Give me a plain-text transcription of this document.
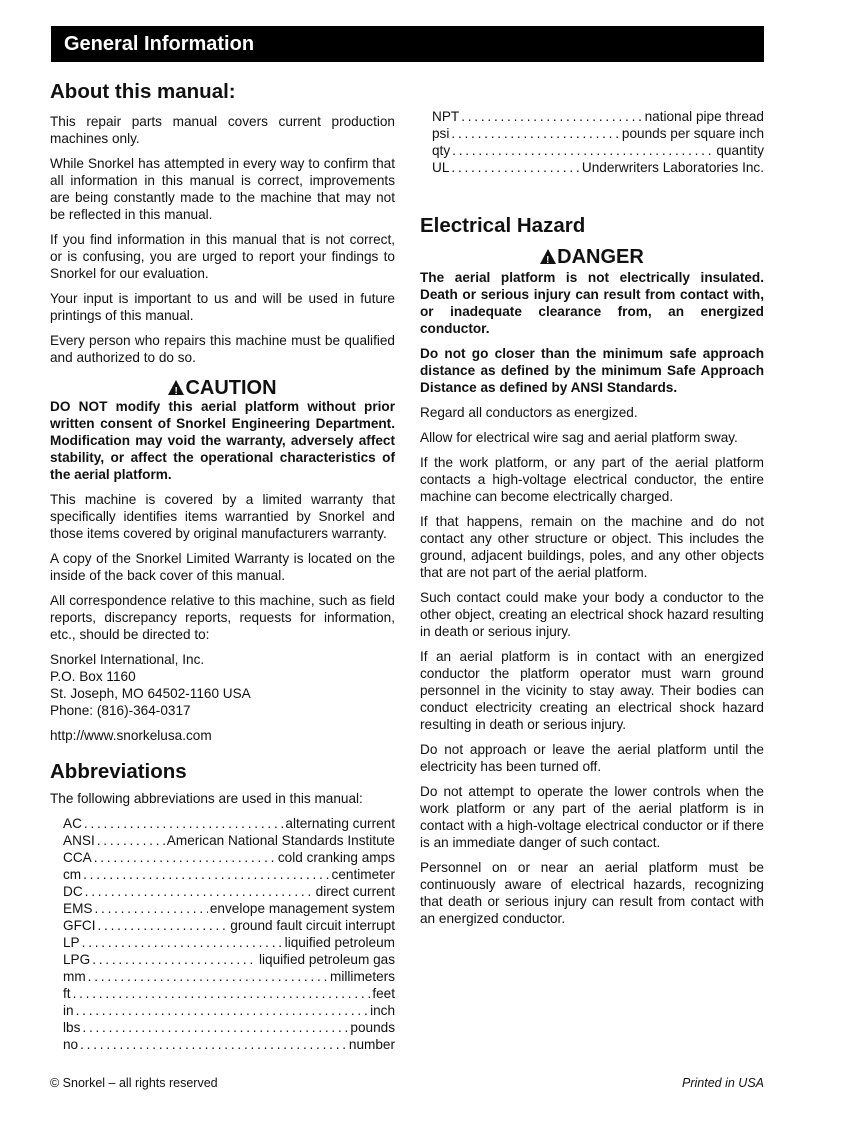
General Information
About this manual:

This repair parts manual covers current production machines only.

While Snorkel has attempted in every way to confirm that all information in this manual is correct, improvements are being constantly made to the machine that may not be reflected in this manual.

If you find information in this manual that is not correct, or is confusing, you are urged to report your findings to Snorkel for our evaluation.

Your input is important to us and will be used in future printings of this manual.

Every person who repairs this machine must be qualified and authorized to do so.

!CAUTION

DO NOT modify this aerial platform without prior written consent of Snorkel Engineering Department. Modification may void the warranty, adversely affect stability, or affect the operational characteristics of the aerial platform.

This machine is covered by a limited warranty that specifically identifies items warrantied by Snorkel and those items covered by original manufacturers warranty.

A copy of the Snorkel Limited Warranty is located on the inside of the back cover of this manual.

All correspondence relative to this machine, such as field reports, discrepancy reports, requests for information, etc., should be directed to:

Snorkel International, Inc.

P.O. Box 1160

St. Joseph, MO 64502-1160 USA

Phone: (816)-364-0317

http://www.snorkelusa.com

Abbreviations

The following abbreviations are used in this manual:

AC . . .	alternating current
ANSI . . .	American National Standards Institute
CCA . . .	cold cranking amps
cm . . .	centimeter
DC . . .	direct current
EMS . . .	envelope management system
GFCI . . .	ground fault circuit interrupt
LP . . .	liquified petroleum
LPG . . .	liquified petroleum gas
mm . . .	millimeters
ft . . .	feet
in . . .	inch
lbs . . .	pounds
no . . .	number
NPT . . .	national pipe thread
psi . . .	pounds per square inch
qty . . .	quantity
UL . . .	Underwriters Laboratories Inc.
Electrical Hazard
!DANGER

The aerial platform is not electrically insulated. Death or serious injury can result from contact with, or inadequate clearance from, an energized conductor.

Do not go closer than the minimum safe approach distance as defined by the minimum Safe Approach Distance as defined by ANSI Standards.

Regard all conductors as energized.

Allow for electrical wire sag and aerial platform sway.

If the work platform, or any part of the aerial platform contacts a high-voltage electrical conductor, the entire machine can become electrically charged.

If that happens, remain on the machine and do not contact any other structure or object. This includes the ground, adjacent buildings, poles, and any other objects that are not part of the aerial platform.

Such contact could make your body a conductor to the other object, creating an electrical shock hazard resulting in death or serious injury.

If an aerial platform is in contact with an energized conductor the platform operator must warn ground personnel in the vicinity to stay away. Their bodies can conduct electricity creating an electrical shock hazard resulting in death or serious injury.

Do not approach or leave the aerial platform until the electricity has been turned off.

Do not attempt to operate the lower controls when the work platform or any part of the aerial platform is in contact with a high-voltage electrical conductor or if there is an immediate danger of such contact.

Personnel on or near an aerial platform must be continuously aware of electrical hazards, recognizing that death or serious injury can result from contact with an energized conductor.

© Snorkel – all rights reserved	Printed in USA
